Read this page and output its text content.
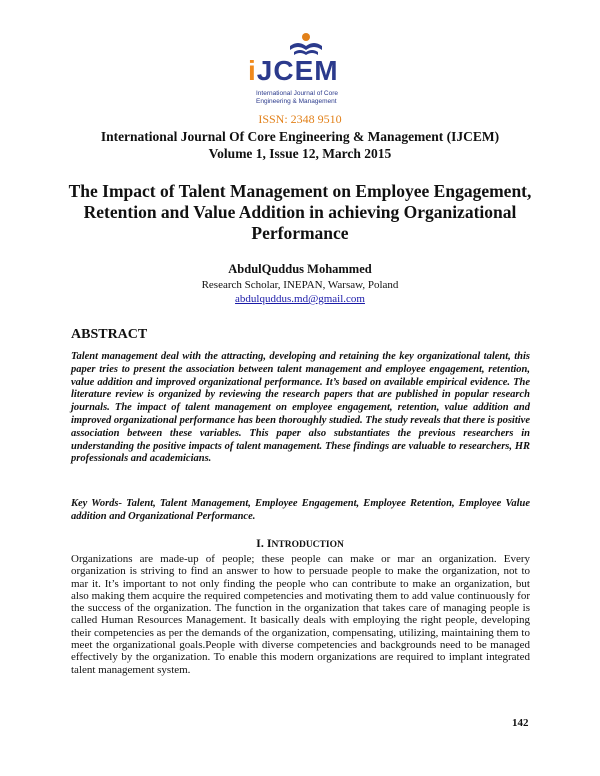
iJCEM
International Journal of Core Engineering & Management
ISSN: 2348 9510
International Journal Of Core Engineering & Management (IJCEM)
Volume 1, Issue 12, March 2015
The Impact of Talent Management on Employee Engagement, Retention and Value Addition in achieving Organizational Performance
AbdulQuddus Mohammed
Research Scholar, INEPAN, Warsaw, Poland
abdulquddus.md@gmail.com
ABSTRACT
Talent management deal with the attracting, developing and retaining the key organizational talent, this paper tries to present the association between talent management and employee engagement, retention, value addition and improved organizational performance. It’s based on available empirical evidence. The literature review is organized by reviewing the research papers that are published in popular research journals. The impact of talent management on employee engagement, retention, value addition and improved organizational performance has been thoroughly studied. The study reveals that there is positive association between these variables. This paper also substantiates the previous researchers in understanding the positive impacts of talent management. These findings are valuable to researchers, HR professionals and academicians.
Key Words- Talent, Talent Management, Employee Engagement, Employee Retention, Employee Value addition and Organizational Performance.
I. INTRODUCTION
Organizations are made-up of people; these people can make or mar an organization. Every organization is striving to find an answer to how to persuade people to make the organization, not to mar it. It’s important to not only finding the people who can contribute to make an organization, but also making them acquire the required competencies and motivating them to add value continuously for the success of the organization. The function in the organization that takes care of managing people is called Human Resources Management. It basically deals with employing the right people, developing their competencies as per the demands of the organization, compensating, utilizing, maintaining them to meet the organizational goals.People with diverse competencies and backgrounds need to be managed effectively by the organization. To enable this modern organizations are required to implant integrated talent management system.
142
